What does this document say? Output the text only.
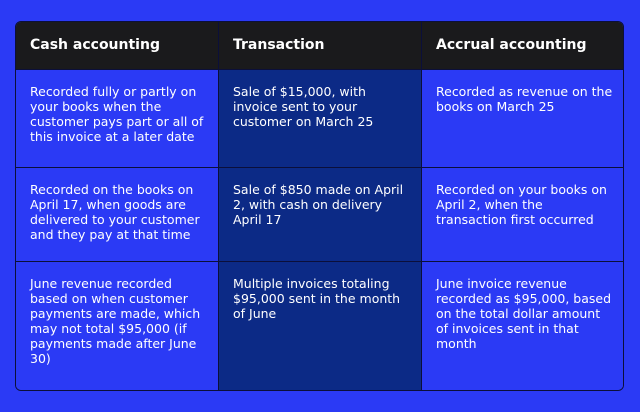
Cash accounting	Transaction	Accrual accounting
Recorded fully or partly on your books when the customer pays part or all of this invoice at a later date
Sale of $15,000, with invoice sent to your customer on March 25
Recorded as revenue on the books on March 25
Recorded on the books on April 17, when goods are delivered to your customer and they pay at that time
Sale of $850 made on April 2, with cash on delivery April 17
Recorded on your books on April 2, when the transaction first occurred
June revenue recorded based on when customer payments are made, which may not total $95,000 (if payments made after June 30)
Multiple invoices totaling $95,000 sent in the month of June
June invoice revenue recorded as $95,000, based on the total dollar amount of invoices sent in that month
